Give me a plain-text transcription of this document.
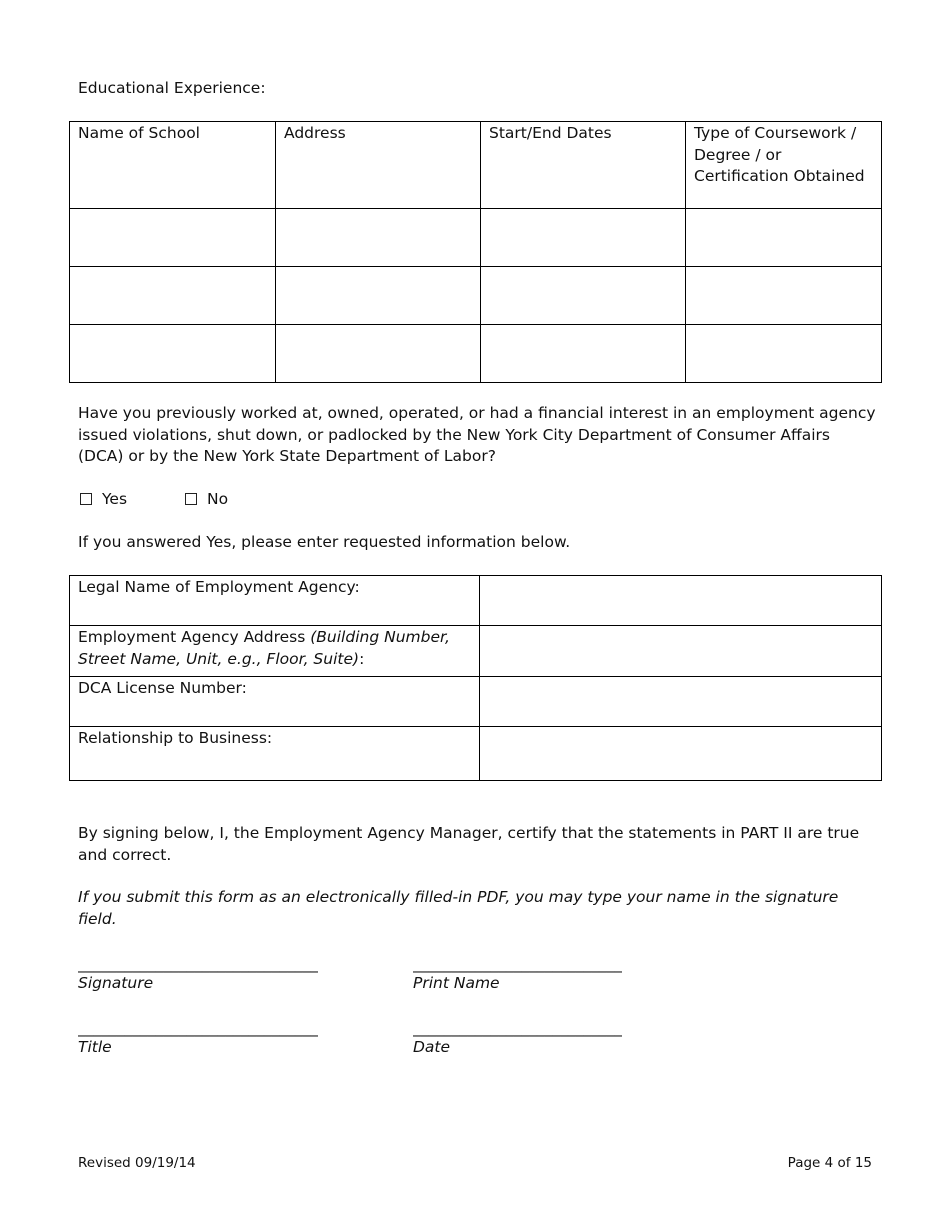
Educational Experience:
Name of School	Address	Start/End Dates	Type of Coursework / Degree / or Certification Obtained

Have you previously worked at, owned, operated, or had a financial interest in an employment agency issued violations, shut down, or padlocked by the New York City Department of Consumer Affairs (DCA) or by the New York State Department of Labor?
Yes	No
If you answered Yes, please enter requested information below.
Legal Name of Employment Agency:	
Employment Agency Address (Building Number, Street Name, Unit, e.g., Floor, Suite):	
DCA License Number:	
Relationship to Business:	
By signing below, I, the Employment Agency Manager, certify that the statements in PART II are true and correct.
If you submit this form as an electronically filled-in PDF, you may type your name in the signature field.
_______________________________
Signature
___________________________
Print Name
_______________________________
Title
___________________________
Date
Revised 09/19/14	Page 4 of 15
